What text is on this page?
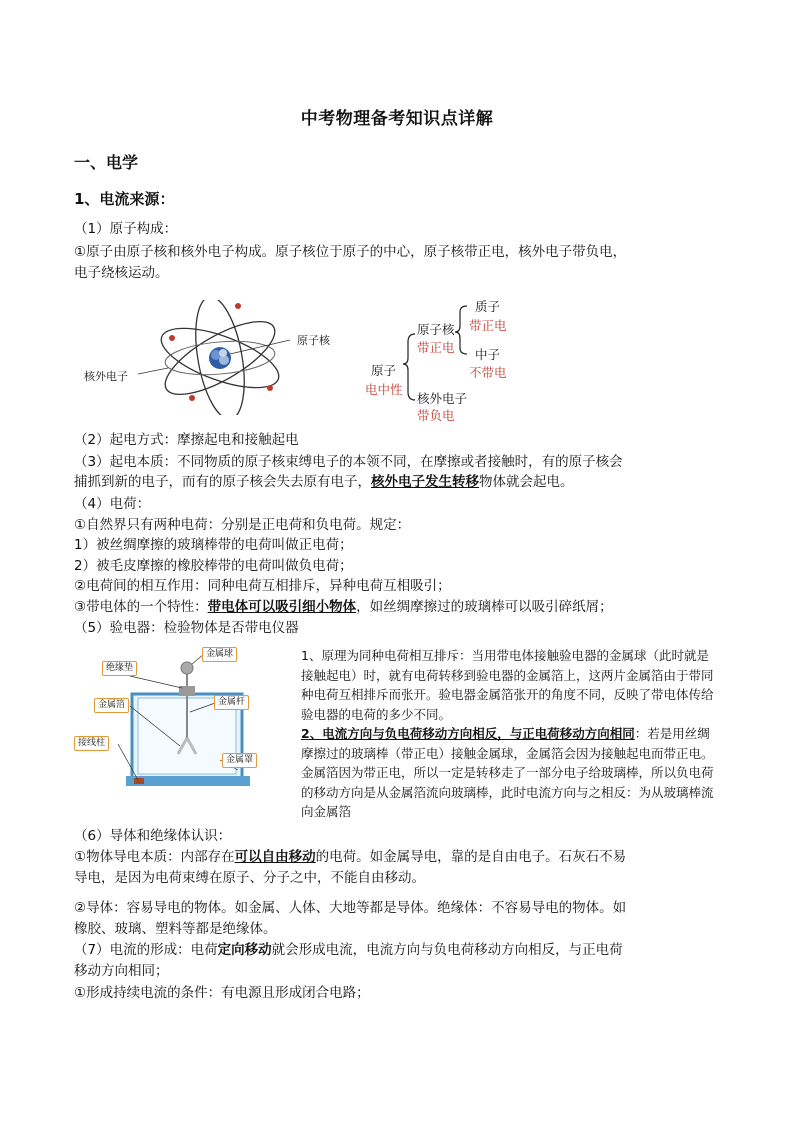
中考物理备考知识点详解
一、电学
1、电流来源：
（1）原子构成：
①原子由原子核和核外电子构成。原子核位于原子的中心，原子核带正电，核外电子带负电，
电子绕核运动。
原子核
核外电子	原子
电中性
原子核
带正电
质子
带正电
中子
不带电
核外电子
带负电
（2）起电方式：摩擦起电和接触起电
（3）起电本质：不同物质的原子核束缚电子的本领不同，在摩擦或者接触时，有的原子核会
捕抓到新的电子，而有的原子核会失去原有电子，核外电子发生转移物体就会起电。
（4）电荷：
①自然界只有两种电荷：分别是正电荷和负电荷。规定：
1）被丝绸摩擦的玻璃棒带的电荷叫做正电荷；
2）被毛皮摩擦的橡胶棒带的电荷叫做负电荷；
②电荷间的相互作用：同种电荷互相排斥，异种电荷互相吸引；
③带电体的一个特性：带电体可以吸引细小物体，如丝绸摩擦过的玻璃棒可以吸引碎纸屑；
（5）验电器：检验物体是否带电仪器
金属球
绝缘垫
金属杆
金属箔
接线柱
金属罩

1、原理为同种电荷相互排斥：当用带电体接触验电器的金属球（此时就是接触起电）时，就有电荷转移到验电器的金属箔上，这两片金属箔由于带同种电荷互相排斥而张开。验电器金属箔张开的角度不同，反映了带电体传给验电器的电荷的多少不同。

2、电流方向与负电荷移动方向相反，与正电荷移动方向相同：若是用丝绸摩擦过的玻璃棒（带正电）接触金属球，金属箔会因为接触起电而带正电。金属箔因为带正电，所以一定是转移走了一部分电子给玻璃棒，所以负电荷的移动方向是从金属箔流向玻璃棒，此时电流方向与之相反：为从玻璃棒流向金属箔

（6）导体和绝缘体认识：
①物体导电本质：内部存在可以自由移动的电荷。如金属导电，靠的是自由电子。石灰石不易
导电，是因为电荷束缚在原子、分子之中，不能自由移动。
②导体：容易导电的物体。如金属、人体、大地等都是导体。绝缘体：不容易导电的物体。如
橡胶、玻璃、塑料等都是绝缘体。
（7）电流的形成：电荷定向移动就会形成电流，电流方向与负电荷移动方向相反，与正电荷
移动方向相同；
①形成持续电流的条件：有电源且形成闭合电路；
